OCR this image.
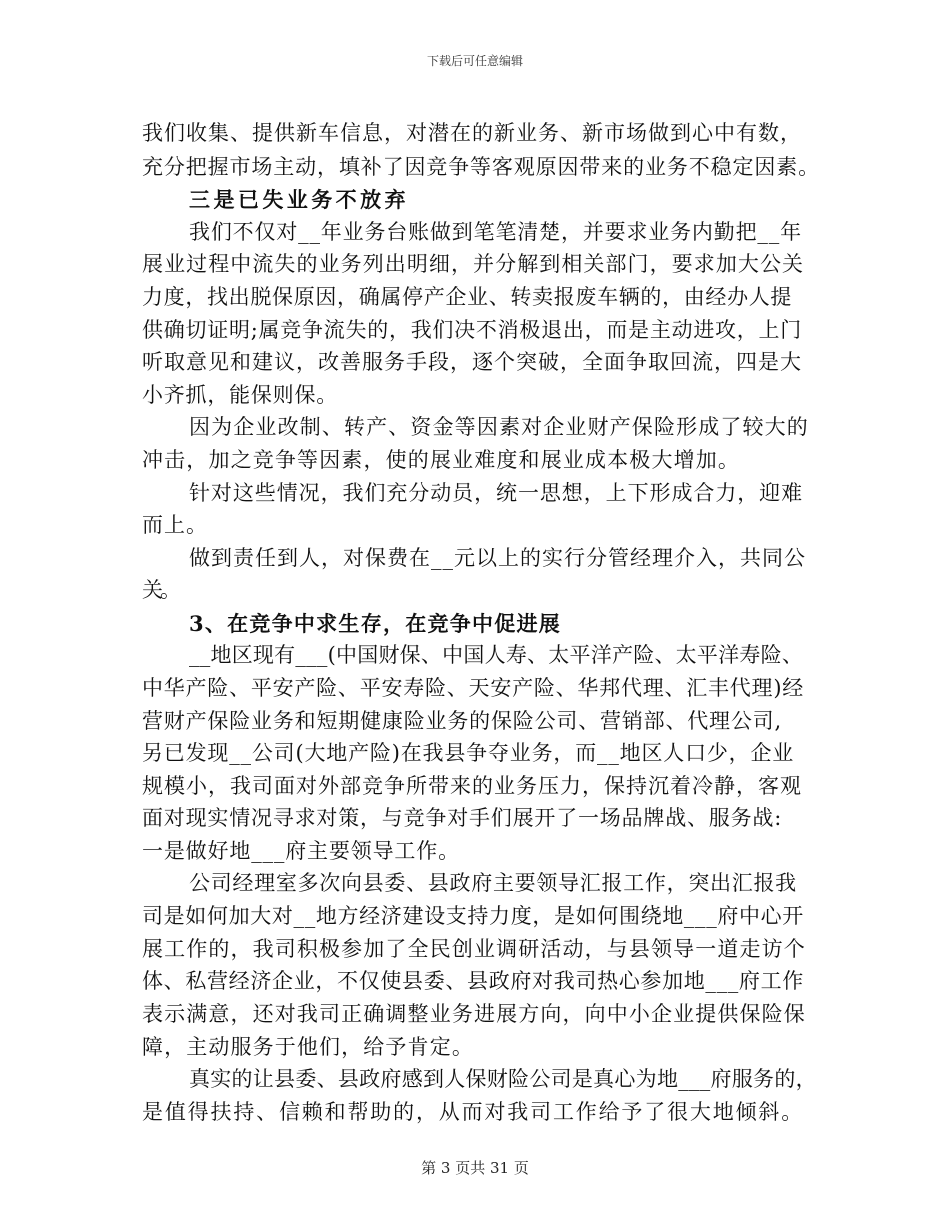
下载后可任意编辑
我们收集、提供新车信息，对潜在的新业务、新市场做到心中有数，
充分把握市场主动，填补了因竞争等客观原因带来的业务不稳定因素。
三是已失业务不放弃
我们不仅对__年业务台账做到笔笔清楚，并要求业务内勤把__年
展业过程中流失的业务列出明细，并分解到相关部门，要求加大公关
力度，找出脱保原因，确属停产企业、转卖报废车辆的，由经办人提
供确切证明;属竞争流失的，我们决不消极退出，而是主动进攻，上门
听取意见和建议，改善服务手段，逐个突破，全面争取回流，四是大
小齐抓，能保则保。
因为企业改制、转产、资金等因素对企业财产保险形成了较大的
冲击，加之竞争等因素，使的展业难度和展业成本极大增加。
针对这些情况，我们充分动员，统一思想，上下形成合力，迎难
而上。
做到责任到人，对保费在__元以上的实行分管经理介入，共同公
关。
3、在竞争中求生存，在竞争中促进展
__地区现有___(中国财保、中国人寿、太平洋产险、太平洋寿险、
中华产险、平安产险、平安寿险、天安产险、华邦代理、汇丰代理)经
营财产保险业务和短期健康险业务的保险公司、营销部、代理公司,
另已发现__公司(大地产险)在我县争夺业务，而__地区人口少，企业
规模小，我司面对外部竞争所带来的业务压力，保持沉着冷静，客观
面对现实情况寻求对策，与竞争对手们展开了一场品牌战、服务战:
一是做好地___府主要领导工作。
公司经理室多次向县委、县政府主要领导汇报工作，突出汇报我
司是如何加大对__地方经济建设支持力度，是如何围绕地___府中心开
展工作的，我司积极参加了全民创业调研活动，与县领导一道走访个
体、私营经济企业，不仅使县委、县政府对我司热心参加地___府工作
表示满意，还对我司正确调整业务进展方向，向中小企业提供保险保
障，主动服务于他们，给予肯定。
真实的让县委、县政府感到人保财险公司是真心为地___府服务的，
是值得扶持、信赖和帮助的，从而对我司工作给予了很大地倾斜。
第 3 页共 31 页
